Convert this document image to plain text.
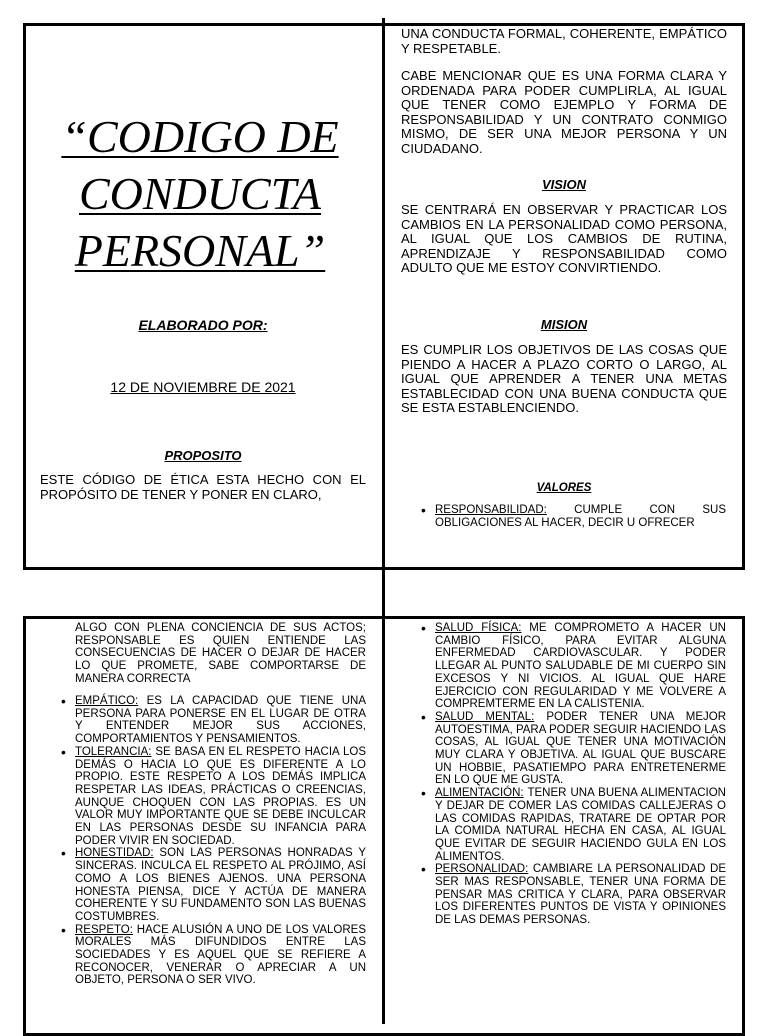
“CODIGO DE
CONDUCTA
PERSONAL”
ELABORADO POR:
12 DE NOVIEMBRE DE 2021
PROPOSITO
ESTE CÓDIGO DE ÉTICA ESTA HECHO CON EL PROPÓSITO DE TENER Y PONER EN CLARO,
UNA CONDUCTA FORMAL, COHERENTE, EMPÁTICO Y RESPETABLE.
CABE MENCIONAR QUE ES UNA FORMA CLARA Y ORDENADA PARA PODER CUMPLIRLA, AL IGUAL QUE TENER COMO EJEMPLO Y FORMA DE RESPONSABILIDAD Y UN CONTRATO CONMIGO MISMO, DE SER UNA MEJOR PERSONA Y UN CIUDADANO.
VISION
SE CENTRARÁ EN OBSERVAR Y PRACTICAR LOS CAMBIOS EN LA PERSONALIDAD COMO PERSONA, AL IGUAL QUE LOS CAMBIOS DE RUTINA, APRENDIZAJE Y RESPONSABILIDAD COMO ADULTO QUE ME ESTOY CONVIRTIENDO.
MISION
ES CUMPLIR LOS OBJETIVOS DE LAS COSAS QUE PIENDO A HACER A PLAZO CORTO O LARGO, AL IGUAL QUE APRENDER A TENER UNA METAS ESTABLECIDAD CON UNA BUENA CONDUCTA QUE SE ESTA ESTABLENCIENDO.
VALORES
• RESPONSABILIDAD: CUMPLE CON SUS OBLIGACIONES AL HACER, DECIR U OFRECER
ALGO CON PLENA CONCIENCIA DE SUS ACTOS; RESPONSABLE ES QUIEN ENTIENDE LAS CONSECUENCIAS DE HACER O DEJAR DE HACER LO QUE PROMETE, SABE COMPORTARSE DE MANERA CORRECTA
• EMPÁTICO: ES LA CAPACIDAD QUE TIENE UNA PERSONA PARA PONERSE EN EL LUGAR DE OTRA Y ENTENDER MEJOR SUS ACCIONES, COMPORTAMIENTOS Y PENSAMIENTOS.
• TOLERANCIA: SE BASA EN EL RESPETO HACIA LOS DEMÁS O HACIA LO QUE ES DIFERENTE A LO PROPIO. ESTE RESPETO A LOS DEMÁS IMPLICA RESPETAR LAS IDEAS, PRÁCTICAS O CREENCIAS, AUNQUE CHOQUEN CON LAS PROPIAS. ES UN VALOR MUY IMPORTANTE QUE SE DEBE INCULCAR EN LAS PERSONAS DESDE SU INFANCIA PARA PODER VIVIR EN SOCIEDAD.
• HONESTIDAD: SON LAS PERSONAS HONRADAS Y SINCERAS. INCULCA EL RESPETO AL PRÓJIMO, ASÍ COMO A LOS BIENES AJENOS. UNA PERSONA HONESTA PIENSA, DICE Y ACTÚA DE MANERA COHERENTE Y SU FUNDAMENTO SON LAS BUENAS COSTUMBRES.
• RESPETO: HACE ALUSIÓN A UNO DE LOS VALORES MORALES MÁS DIFUNDIDOS ENTRE LAS SOCIEDADES Y ES AQUEL QUE SE REFIERE A RECONOCER, VENERAR O APRECIAR A UN OBJETO, PERSONA O SER VIVO.
• SALUD FÍSICA: ME COMPROMETO A HACER UN CAMBIO FÍSICO, PARA EVITAR ALGUNA ENFERMEDAD CARDIOVASCULAR. Y PODER LLEGAR AL PUNTO SALUDABLE DE MI CUERPO SIN EXCESOS Y NI VICIOS. AL IGUAL QUE HARE EJERCICIO CON REGULARIDAD Y ME VOLVERE A COMPREMTERME EN LA CALISTENIA.
• SALUD MENTAL: PODER TENER UNA MEJOR AUTOESTIMA, PARA PODER SEGUIR HACIENDO LAS COSAS, AL IGUAL QUE TENER UNA MOTIVACIÓN MUY CLARA Y OBJETIVA. AL IGUAL QUE BUSCARE UN HOBBIE, PASATIEMPO PARA ENTRETENERME EN LO QUE ME GUSTA.
• ALIMENTACIÓN: TENER UNA BUENA ALIMENTACION Y DEJAR DE COMER LAS COMIDAS CALLEJERAS O LAS COMIDAS RAPIDAS, TRATARE DE OPTAR POR LA COMIDA NATURAL HECHA EN CASA, AL IGUAL QUE EVITAR DE SEGUIR HACIENDO GULA EN LOS ALIMENTOS.
• PERSONALIDAD: CAMBIARE LA PERSONALIDAD DE SER MAS RESPONSABLE, TENER UNA FORMA DE PENSAR MAS CRITICA Y CLARA, PARA OBSERVAR LOS DIFERENTES PUNTOS DE VISTA Y OPINIONES DE LAS DEMAS PERSONAS.
